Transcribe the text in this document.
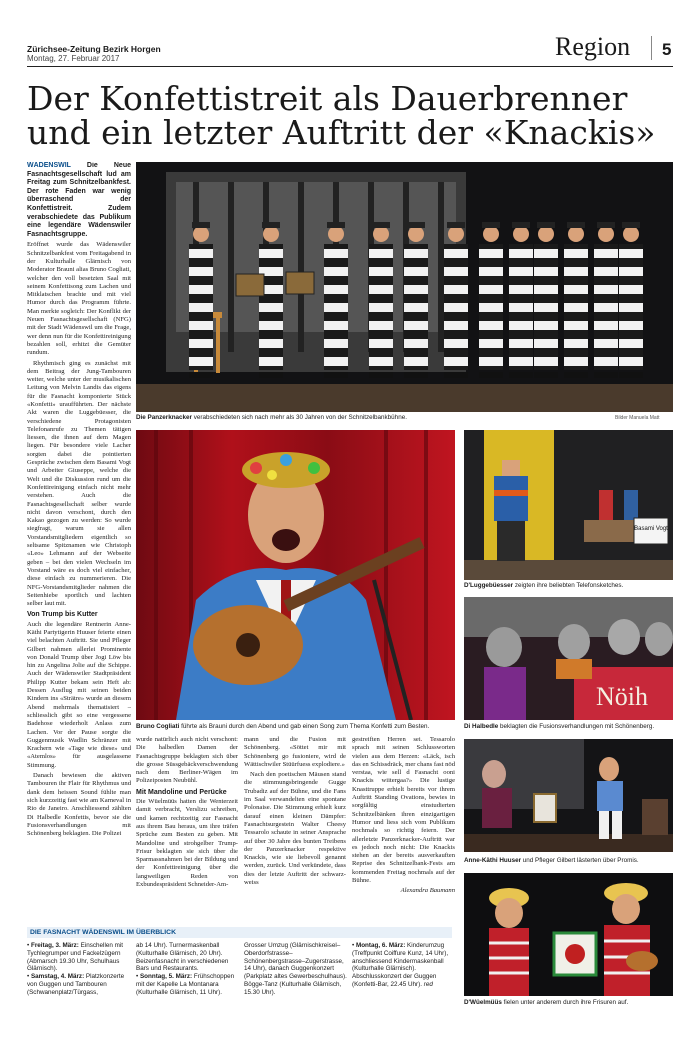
Zürichsee-Zeitung Bezirk Horgen
Montag, 27. Februar 2017	Region 5
Der Konfettistreit als Dauerbrenner und ein letzter Auftritt der «Knackis»

WÄDENSWIL Die Neue Fasnachtsgesellschaft lud am Freitag zum Schnitzelbankfest. Der rote Faden war wenig überraschend der Konfettistreit. Zudem verabschiedete das Publikum eine legendäre Wädenswiler Fasnachtsgruppe.

Eröffnet wurde das Wädenswiler Schnitzelbankfest vom Freitagabend in der Kulturhalle Glärnisch von Moderator Brauni alias Bruno Cogliati, welcher den voll besetzten Saal mit seinem Konfettisong zum Lachen und Mitklatschen brachte und mit viel Humor durch das Programm führte. Man merkte sogleich: Der Konflikt der Neuen Fasnachtsgesellschaft (NFG) mit der Stadt Wädenswil um die Frage, wer denn nun für die Konfettireinigung bezahlen soll, erhitzt die Gemüter rundum.

Rhythmisch ging es zunächst mit dem Beitrag der Jung-Tambouren weiter, welche unter der musikalischen Leitung von Melvin Landis das eigens für die Fasnacht komponierte Stück «Konfetti» uraufführten. Der nächste Akt waren die Luggebüesser, die verschiedene Protagonisten Telefonanrufe zu Themen tätigen liessen, die ihnen auf dem Magen liegen. Für besondere viele Lacher sorgten dabei die pointierten Gespräche zwischen dem Basami Vogt und Arbeiter Giuseppe, welche die Welt und die Diskussion rund um die Konfettireinigung einfach nicht mehr verstehen. Auch die Fasnachtsgesellschaft selber wurde nicht davon verschont, durch den Kakao gezogen zu werden: So wurde siegfragt, warum sie allen Vorstandsmitgliedern eigentlich so seltsame Spitznamen wie Christoph «Leo» Lehmann auf der Webseite geben – bei den vielen Wechseln im Vorstand wäre es doch viel einfacher, diese einfach zu nummerieren. Die NFG-Vorstandsmitglieder nahmen die Seitenhiebe sportlich und lachten selber laut mit.

Von Trump bis Kutter

Auch die legendäre Rentnerin Anne-Käthi Partytigerin Huuser feierte einen viel belachten Auftritt. Sie und Pfleger Gilbert nahmen allerlei Prominente von Donald Trump über Jogi Löw bis hin zu Angelina Jolie auf die Schippe. Auch der Wädenswiler Stadtpräsident Philipp Kutter bekam sein Heft ab: Dessen Ausflug mit seinen beiden Kindern ins «Strätre» wurde an diesem Abend mehrmals thematisiert – schliesslich gibt so eine vergessene Badehose wiederholt Anlass zum Lachen. Vor der Pause sorgte die Guggenmusik Wadlin Schränzer mit Krachern wie «Tage wie diese» und «Atemlos» für ausgelassene Stimmung.

Danach bewiesen die aktiven Tambouren ihr Flair für Rhythmus und dank dem heissen Sound fühlte man sich kurzzeitig fast wie am Karneval in Rio de Janeiro. Anschliessend zählten Di Halbedle Konfettis, bevor sie die Fusionsverhandlungen mit Schönenberg beklagten. Die Polizei

Die Panzerknacker verabschiedeten sich nach mehr als 30 Jahren von der Schnitzelbankbühne.	Bilder Manuela Matt
Bruno Cogliati führte als Brauni durch den Abend und gab einen Song zum Thema Konfetti zum Besten.
Basami Vogt
D'Luggebüesser zeigten ihre beliebten Telefonsketches.
Nöih
Di Halbedle beklagten die Fusionsverhandlungen mit Schönenberg.
Anne-Käthi Huuser und Pfleger Gilbert lästerten über Promis.
D'Wüelmüüs fielen unter anderem durch ihre Frisuren auf.

wurde natürlich auch nicht verschont: Die halbedlen Damen der Fasnachtsgruppe beklagten sich über die grosse Süssgebäckverschwendung nach dem Berliner-Wägen im Polizeiposten Neubühl.

Mit Mandoline und Perücke

Die Wüelmüüs hatten die Wenterzeit damit verbracht, Verslizu schreiben, und kamen rechtzeitig zur Fasnacht aus ihrem Bau heraus, um ihre träfen Sprüche zum Besten zu geben. Mit Mandoline und strohgelber Trump-Frisur beklagten sie sich über die Sparmassnahmen bei der Bildung und der Konfettireinigung über die langweiligen Reden von Exbundespräsident Schneider-Am-

mann und die Fusion mit Schönenberg. «Söttet mir mit Schönenberg go fusioniere, wird de Wättischwiler Stüürfuess explodiere.»

Nach den poetischen Mäusen stand die stimmungsbringende Gugge Trubadiz auf der Bühne, und die Fans im Saal verwandelten eine spontane Polonaise. Die Stimmung erhielt kurz darauf einen kleinen Dämpfer: Fasnachtsurgestein Walter Cheesy Tessarolo schaute in seiner Ansprache auf über 30 Jahre des bunten Treibens der Panzerknacker respektive Knackis, wie sie liebevoll genannt werden, zurück. Und verkündete, dass dies der letzte Auftritt der schwarz-weiss

gestreiften Herren sei. Tessarolo sprach mit seinen Schlussworten vielen aus dem Herzen: «Läck, isch das en Schissdräck, mer chans fast nöd verstaa, wie sell d Fasnacht ooni Knackis wiitergaa?» Die lustige Knasttruppe erhielt bereits vor ihrem Auftritt Standing Ovations, bewies in sorgfältig einstudierten Schnitzelbänken ihren einzigartigen Humor und liess sich vom Publikum nochmals so richtig feiern. Der allerletzte Panzerknacker-Auftritt war es jedoch noch nicht: Die Knackis stehen an der bereits ausverkauften Reprise des Schnitzelbank-Fests am kommenden Freitag nochmals auf der Bühne.

Alexandra Baumann

DIE FASNACHT WÄDENSWIL IM ÜBERBLICK
• Freitag, 3. März: Einschellen mit Tychlegrumper und Fackelzügern (Abmarsch 19.30 Uhr, Schulhaus Glärnisch).
• Samstag, 4. März: Platzkonzerte von Guggen und Tambouren (Schwanenplatz/Türgass,
ab 14 Uhr). Turnermaskenball (Kulturhalle Glärnisch, 20 Uhr). Beizenfasnacht in verschiedenen Bars und Restaurants.
• Sonntag, 5. März: Frühschoppen mit der Kapelle La Montanara (Kulturhalle Glärnisch, 11 Uhr).
Grosser Umzug (Glärnischkreisel–Oberdorfstrasse–Schönenbergstrasse–Zugerstrasse, 14 Uhr), danach Guggenkonzert (Parkplatz altes Gewerbeschulhaus). Bögge-Tanz (Kulturhalle Glärnisch, 15.30 Uhr).
• Montag, 6. März: Kinderumzug (Treffpunkt Coiffure Kunz, 14 Uhr), anschliessend Kindermaskenball (Kulturhalle Glärnisch). Abschlusskonzert der Guggen (Konfetti-Bar, 22.45 Uhr). red
